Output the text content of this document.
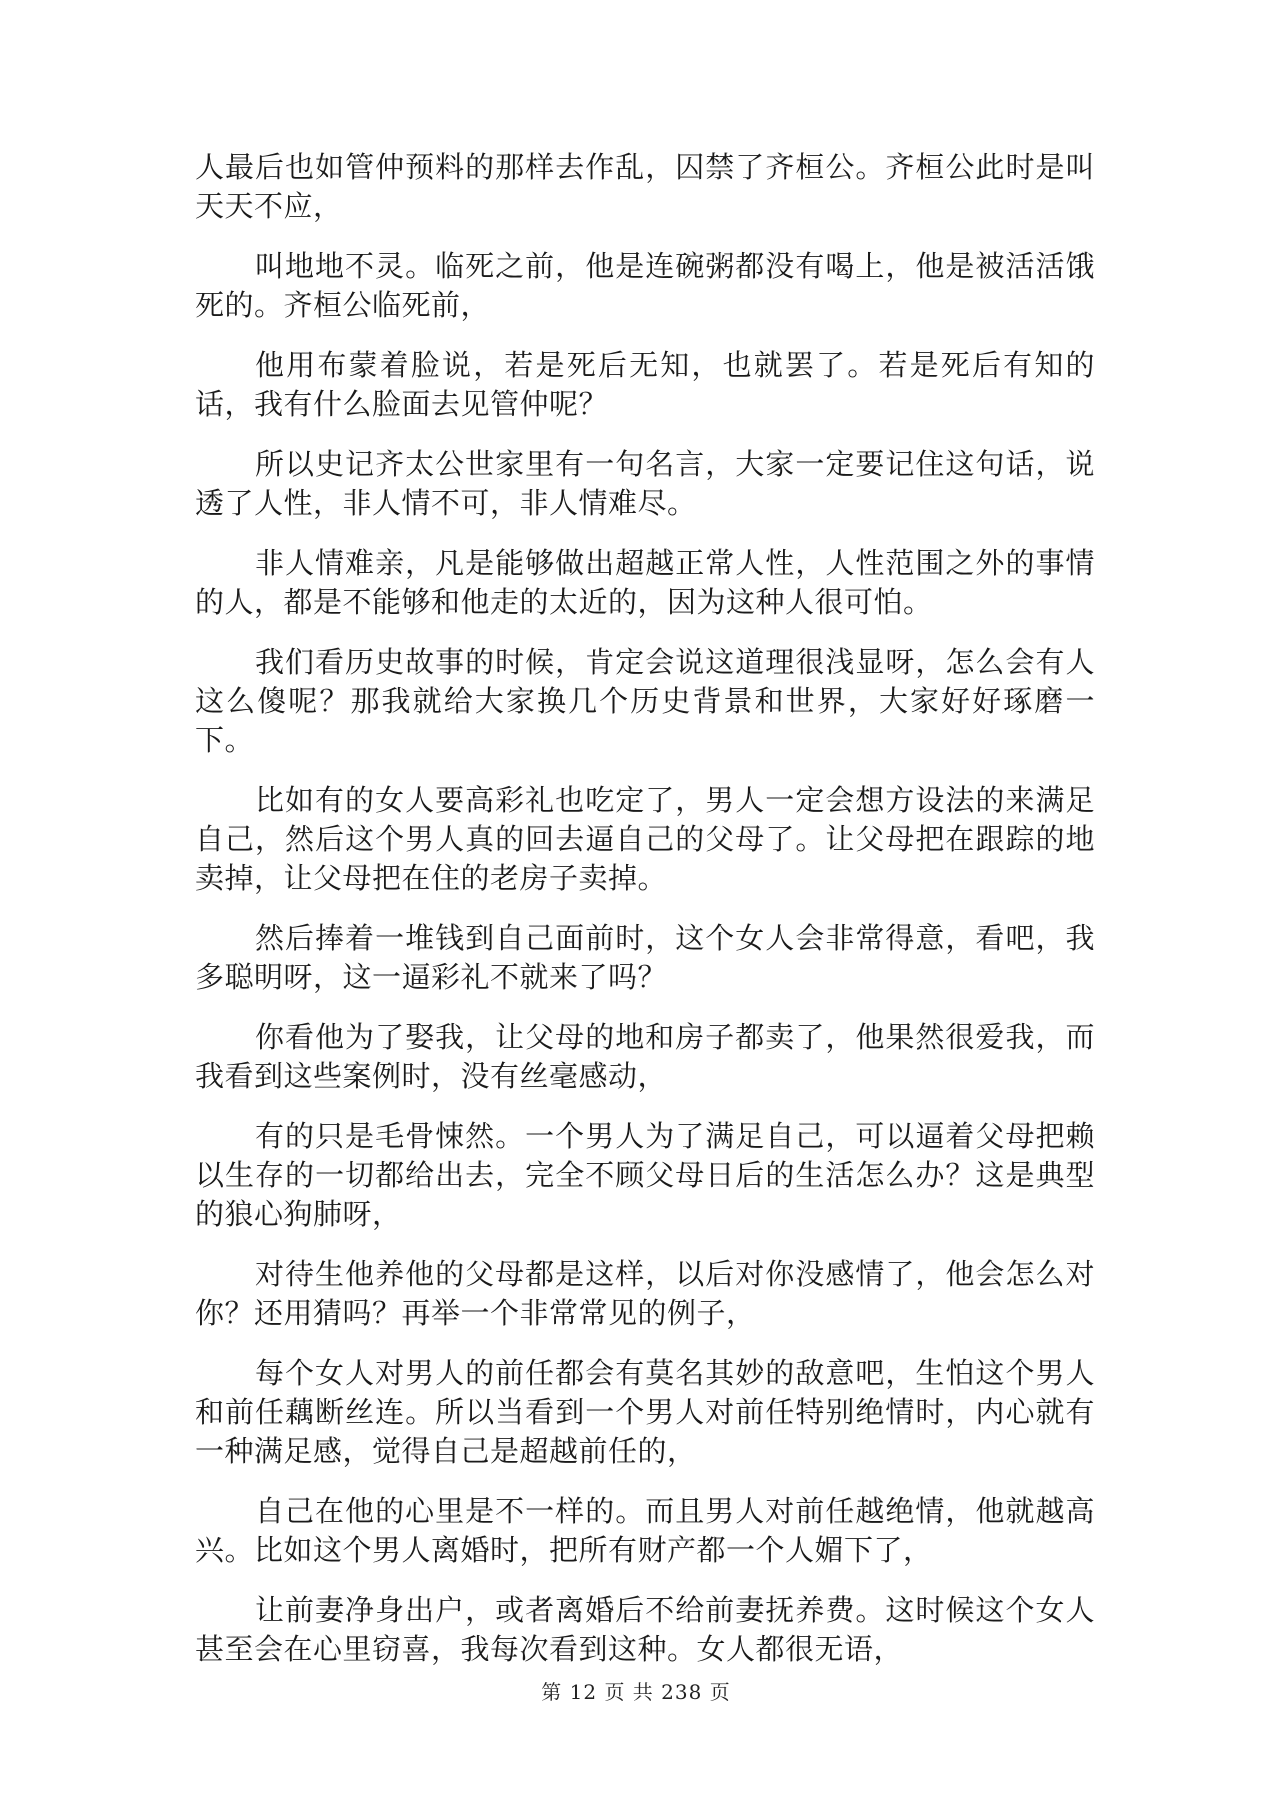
人最后也如管仲预料的那样去作乱，囚禁了齐桓公。齐桓公此时是叫天天不应，

叫地地不灵。临死之前，他是连碗粥都没有喝上，他是被活活饿死的。齐桓公临死前，

他用布蒙着脸说，若是死后无知，也就罢了。若是死后有知的话，我有什么脸面去见管仲呢？

所以史记齐太公世家里有一句名言，大家一定要记住这句话，说透了人性，非人情不可，非人情难尽。

非人情难亲，凡是能够做出超越正常人性，人性范围之外的事情的人，都是不能够和他走的太近的，因为这种人很可怕。

我们看历史故事的时候，肯定会说这道理很浅显呀，怎么会有人这么傻呢？那我就给大家换几个历史背景和世界，大家好好琢磨一下。

比如有的女人要高彩礼也吃定了，男人一定会想方设法的来满足自己，然后这个男人真的回去逼自己的父母了。让父母把在跟踪的地卖掉，让父母把在住的老房子卖掉。

然后捧着一堆钱到自己面前时，这个女人会非常得意，看吧，我多聪明呀，这一逼彩礼不就来了吗？

你看他为了娶我，让父母的地和房子都卖了，他果然很爱我，而我看到这些案例时，没有丝毫感动，

有的只是毛骨悚然。一个男人为了满足自己，可以逼着父母把赖以生存的一切都给出去，完全不顾父母日后的生活怎么办？这是典型的狼心狗肺呀，

对待生他养他的父母都是这样，以后对你没感情了，他会怎么对你？还用猜吗？再举一个非常常见的例子，

每个女人对男人的前任都会有莫名其妙的敌意吧，生怕这个男人和前任藕断丝连。所以当看到一个男人对前任特别绝情时，内心就有一种满足感，觉得自己是超越前任的，

自己在他的心里是不一样的。而且男人对前任越绝情，他就越高兴。比如这个男人离婚时，把所有财产都一个人媚下了，

让前妻净身出户，或者离婚后不给前妻抚养费。这时候这个女人甚至会在心里窃喜，我每次看到这种。女人都很无语，

第 12 页 共 238 页
